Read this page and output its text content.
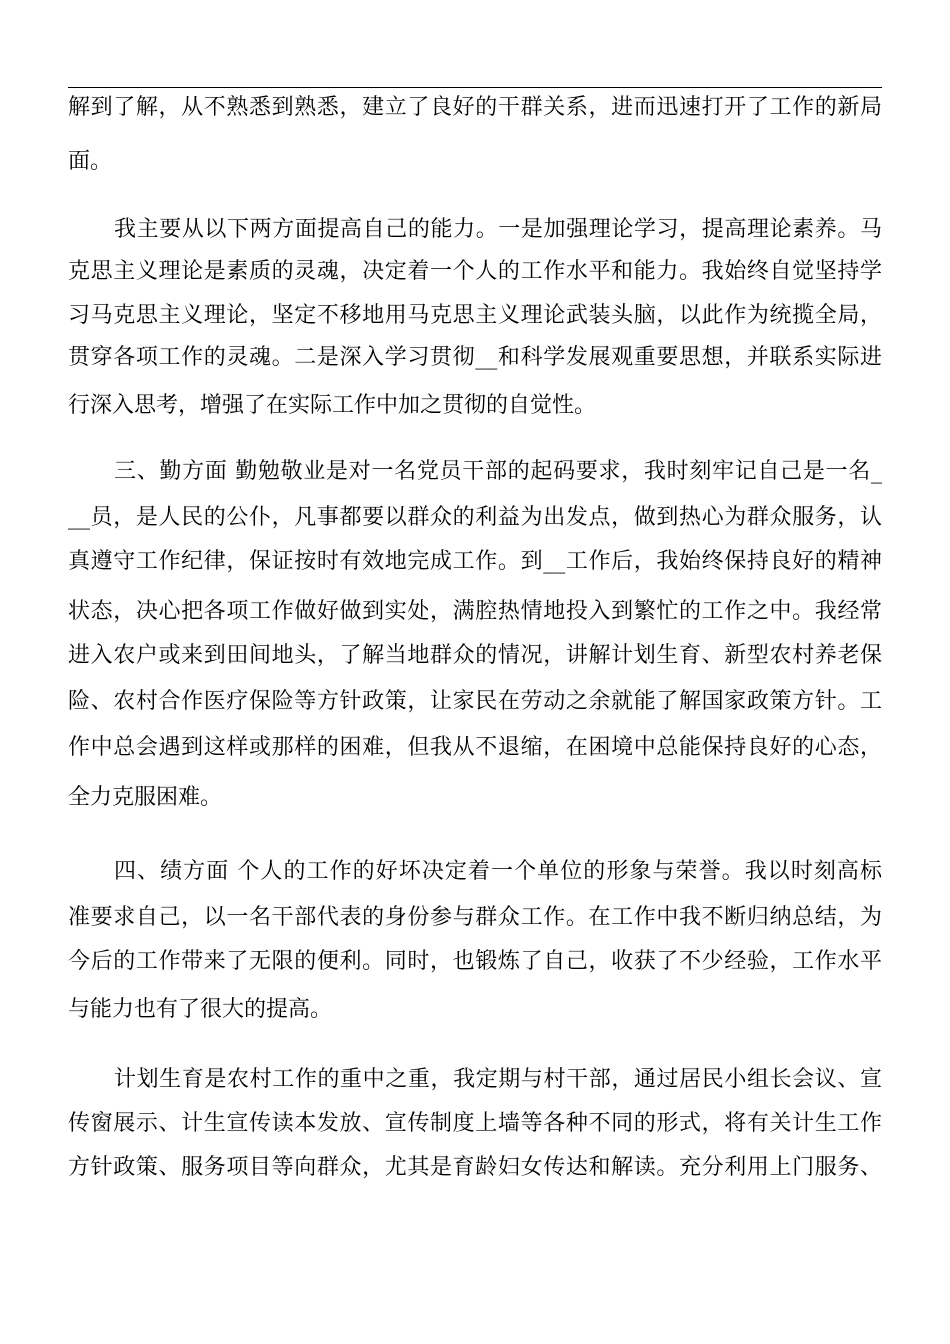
解到了解，从不熟悉到熟悉，建立了良好的干群关系，进而迅速打开了工作的新局
面。
我主要从以下两方面提高自己的能力。一是加强理论学习，提高理论素养。马
克思主义理论是素质的灵魂，决定着一个人的工作水平和能力。我始终自觉坚持学
习马克思主义理论，坚定不移地用马克思主义理论武装头脑，以此作为统揽全局，
贯穿各项工作的灵魂。二是深入学习贯彻__和科学发展观重要思想，并联系实际进
行深入思考，增强了在实际工作中加之贯彻的自觉性。
三、勤方面 勤勉敬业是对一名党员干部的起码要求，我时刻牢记自己是一名_
__员，是人民的公仆，凡事都要以群众的利益为出发点，做到热心为群众服务，认
真遵守工作纪律，保证按时有效地完成工作。到__工作后，我始终保持良好的精神
状态，决心把各项工作做好做到实处，满腔热情地投入到繁忙的工作之中。我经常
进入农户或来到田间地头，了解当地群众的情况，讲解计划生育、新型农村养老保
险、农村合作医疗保险等方针政策，让家民在劳动之余就能了解国家政策方针。工
作中总会遇到这样或那样的困难，但我从不退缩，在困境中总能保持良好的心态，
全力克服困难。
四、绩方面 个人的工作的好坏决定着一个单位的形象与荣誉。我以时刻高标
准要求自己，以一名干部代表的身份参与群众工作。在工作中我不断归纳总结，为
今后的工作带来了无限的便利。同时，也锻炼了自己，收获了不少经验，工作水平
与能力也有了很大的提高。
计划生育是农村工作的重中之重，我定期与村干部，通过居民小组长会议、宣
传窗展示、计生宣传读本发放、宣传制度上墙等各种不同的形式，将有关计生工作
方针政策、服务项目等向群众，尤其是育龄妇女传达和解读。充分利用上门服务、
